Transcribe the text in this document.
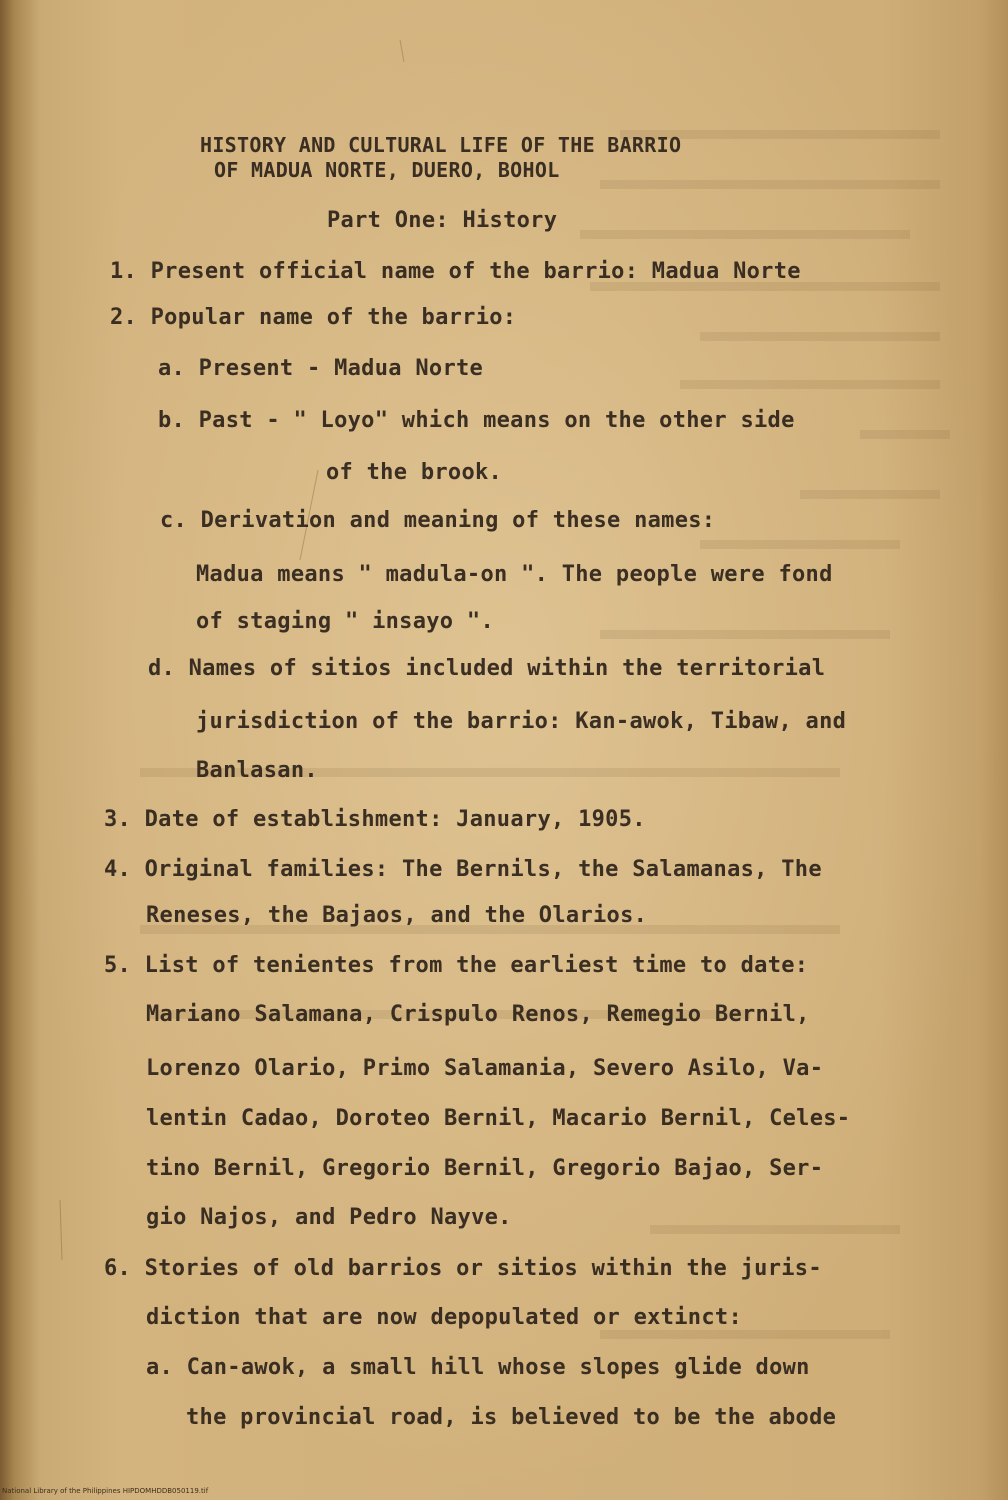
HISTORY AND CULTURAL LIFE OF THE BARRIO
OF MADUA NORTE, DUERO, BOHOL
Part One: History
1. Present official name of the barrio: Madua Norte
2. Popular name of the barrio:
a. Present - Madua Norte
b. Past - " Loyo" which means on the other side
of the brook.
c. Derivation and meaning of these names:
Madua means " madula-on ". The people were fond
of staging " insayo ".
d. Names of sitios included within the territorial
jurisdiction of the barrio: Kan-awok, Tibaw, and
Banlasan.
3. Date of establishment: January, 1905.
4. Original families: The Bernils, the Salamanas, The
Reneses, the Bajaos, and the Olarios.
5. List of tenientes from the earliest time to date:
Mariano Salamana, Crispulo Renos, Remegio Bernil,
Lorenzo Olario, Primo Salamania, Severo Asilo, Va-
lentin Cadao, Doroteo Bernil, Macario Bernil, Celes-
tino Bernil, Gregorio Bernil, Gregorio Bajao, Ser-
gio Najos, and Pedro Nayve.
6. Stories of old barrios or sitios within the juris-
diction that are now depopulated or extinct:
a. Can-awok, a small hill whose slopes glide down
the provincial road, is believed to be the abode
National Library of the Philippines HIPDOMHDDB050119.tif
